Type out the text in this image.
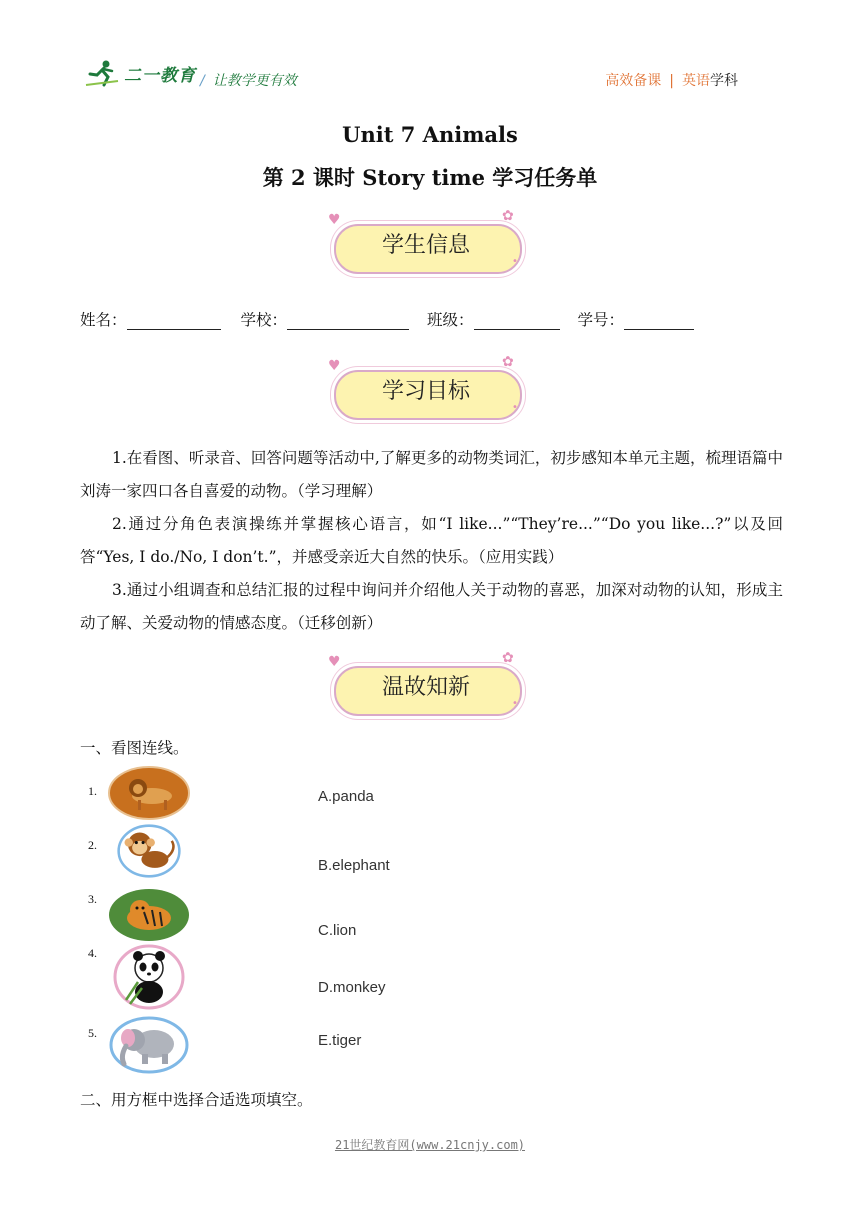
二一教育 / 让教学更有效	高效备课 | 英语学科
Unit 7 Animals
第 2 课时 Story time 学习任务单
♥	✿
•
学生信息
姓名：	学校：	班级：	学号：
♥	✿
•
学习目标
1.在看图、听录音、回答问题等活动中,了解更多的动物类词汇，初步感知本单元主题，梳理语篇中刘涛一家四口各自喜爱的动物。（学习理解）
2.通过分角色表演操练并掌握核心语言，如“I like...”“They’re...”“Do you like...?”以及回答“Yes, I do./No, I don’t.”，并感受亲近大自然的快乐。（应用实践）
3.通过小组调查和总结汇报的过程中询问并介绍他人关于动物的喜恶，加深对动物的认知，形成主动了解、关爱动物的情感态度。（迁移创新）
♥	✿
•
温故知新
一、看图连线。
1.
2.
3.
4.
5.
A.panda
B.elephant
C.lion
D.monkey
E.tiger
二、用方框中选择合适选项填空。
21世纪教育网(www.21cnjy.com)
